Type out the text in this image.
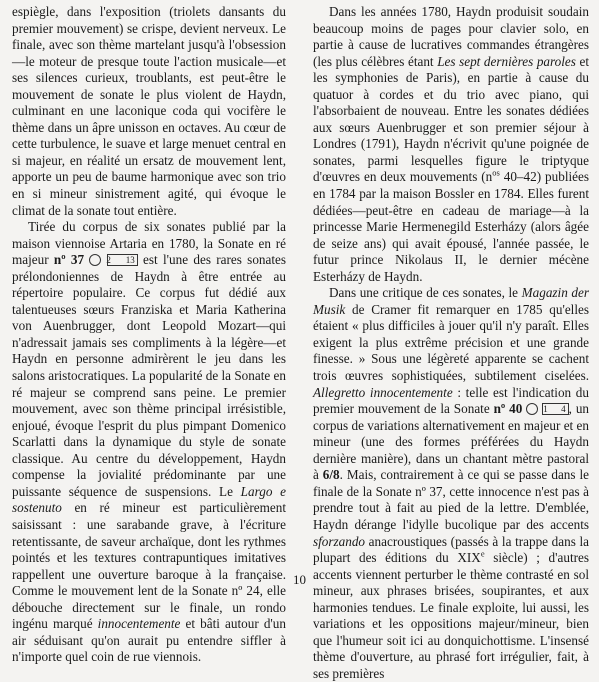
espiègle, dans l'exposition (triolets dansants du premier mouvement) se crispe, devient nerveux. Le finale, avec son thème martelant jusqu'à l'obsession—le moteur de presque toute l'action musicale—et ses silences curieux, troublants, est peut-être le mouvement de sonate le plus violent de Haydn, culminant en une laconique coda qui vocifère le thème dans un âpre unisson en octaves. Au cœur de cette turbulence, le suave et large menuet central en si majeur, en réalité un ersatz de mouvement lent, apporte un peu de baume harmonique avec son trio en si mineur sinistrement agité, qui évoque le climat de la sonate tout entière.

Tirée du corpus de six sonates publié par la maison viennoise Artaria en 1780, la Sonate en ré majeur nº 37 2 13 est l'une des rares sonates prélondoniennes de Haydn à être entrée au répertoire populaire. Ce corpus fut dédié aux talentueuses sœurs Franziska et Maria Katherina von Auenbrugger, dont Leopold Mozart—qui n'adressait jamais ses compliments à la légère—et Haydn en personne admirèrent le jeu dans les salons aristocratiques. La popularité de la Sonate en ré majeur se comprend sans peine. Le premier mouvement, avec son thème principal irrésistible, enjoué, évoque l'esprit du plus pimpant Domenico Scarlatti dans la dynamique du style de sonate classique. Au centre du développement, Haydn compense la jovialité prédominante par une puissante séquence de suspensions. Le Largo e sostenuto en ré mineur est particulièrement saisissant : une sarabande grave, à l'écriture retentissante, de saveur archaïque, dont les rythmes pointés et les textures contrapuntiques imitatives rappellent une ouverture baroque à la française. Comme le mouvement lent de la Sonate nº 24, elle débouche directement sur le finale, un rondo ingénu marqué innocentemente et bâti autour d'un air séduisant qu'on aurait pu entendre siffler à n'importe quel coin de rue viennois.

Dans les années 1780, Haydn produisit soudain beaucoup moins de pages pour clavier solo, en partie à cause de lucratives commandes étrangères (les plus célèbres étant Les sept dernières paroles et les symphonies de Paris), en partie à cause du quatuor à cordes et du trio avec piano, qui l'absorbaient de nouveau. Entre les sonates dédiées aux sœurs Auenbrugger et son premier séjour à Londres (1791), Haydn n'écrivit qu'une poignée de sonates, parmi lesquelles figure le triptyque d'œuvres en deux mouvements ($n^{os}$ 40–42) publiées en 1784 par la maison Bossler en 1784. Elles furent dédiées—peut-être en cadeau de mariage—à la princesse Marie Hermenegild Esterházy (alors âgée de seize ans) qui avait épousé, l'année passée, le futur prince Nikolaus II, le dernier mécène Esterházy de Haydn.

Dans une critique de ces sonates, le Magazin der Musik de Cramer fit remarquer en 1785 qu'elles étaient « plus difficiles à jouer qu'il n'y paraît. Elles exigent la plus extrême précision et une grande finesse. » Sous une légèreté apparente se cachent trois œuvres sophistiquées, subtilement ciselées. Allegretto innocentemente : telle est l'indication du premier mouvement de la Sonate nº 40 1 4 , un corpus de variations alternativement en majeur et en mineur (une des formes préférées du Haydn dernière manière), dans un chantant mètre pastoral à 6/8. Mais, contrairement à ce qui se passe dans le finale de la Sonate nº 37, cette innocence n'est pas à prendre tout à fait au pied de la lettre. D'emblée, Haydn dérange l'idylle bucolique par des accents sforzando anacroustiques (passés à la trappe dans la plupart des éditions du XIXe siècle) ; d'autres accents viennent perturber le thème contrasté en sol mineur, aux phrases brisées, soupirantes, et aux harmonies tendues. Le finale exploite, lui aussi, les variations et les oppositions majeur/mineur, bien que l'humeur soit ici au donquichottisme. L'insensé thème d'ouverture, au phrasé fort irrégulier, fait, à ses premières

10
